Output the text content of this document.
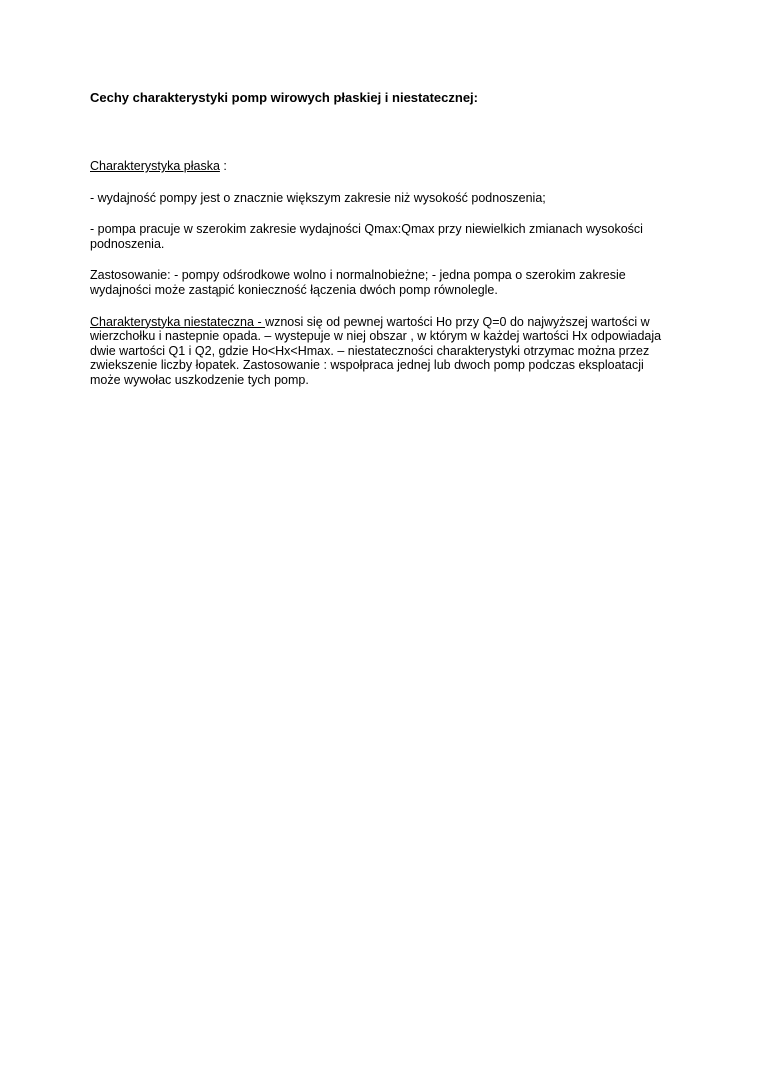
Cechy charakterystyki pomp wirowych płaskiej i niestatecznej:

Charakterystyka płaska :

- wydajność pompy jest o znacznie większym zakresie niż wysokość podnoszenia;

- pompa pracuje w szerokim zakresie wydajności Qmax:Qmax przy niewielkich zmianach wysokości podnoszenia.

Zastosowanie: - pompy odśrodkowe wolno i normalnobieżne; - jedna pompa o szerokim zakresie wydajności może zastąpić konieczność łączenia dwóch pomp równolegle.

Charakterystyka niestateczna - wznosi się od pewnej wartości Ho przy Q=0 do najwyższej wartości w wierzchołku i nastepnie opada. – wystepuje w niej obszar , w którym w każdej wartości Hx odpowiadaja dwie wartości Q1 i Q2, gdzie Ho<Hx<Hmax. – niestateczności charakterystyki otrzymac można przez zwiekszenie liczby łopatek. Zastosowanie : wspołpraca jednej lub dwoch pomp podczas eksploatacji może wywołac uszkodzenie tych pomp.
